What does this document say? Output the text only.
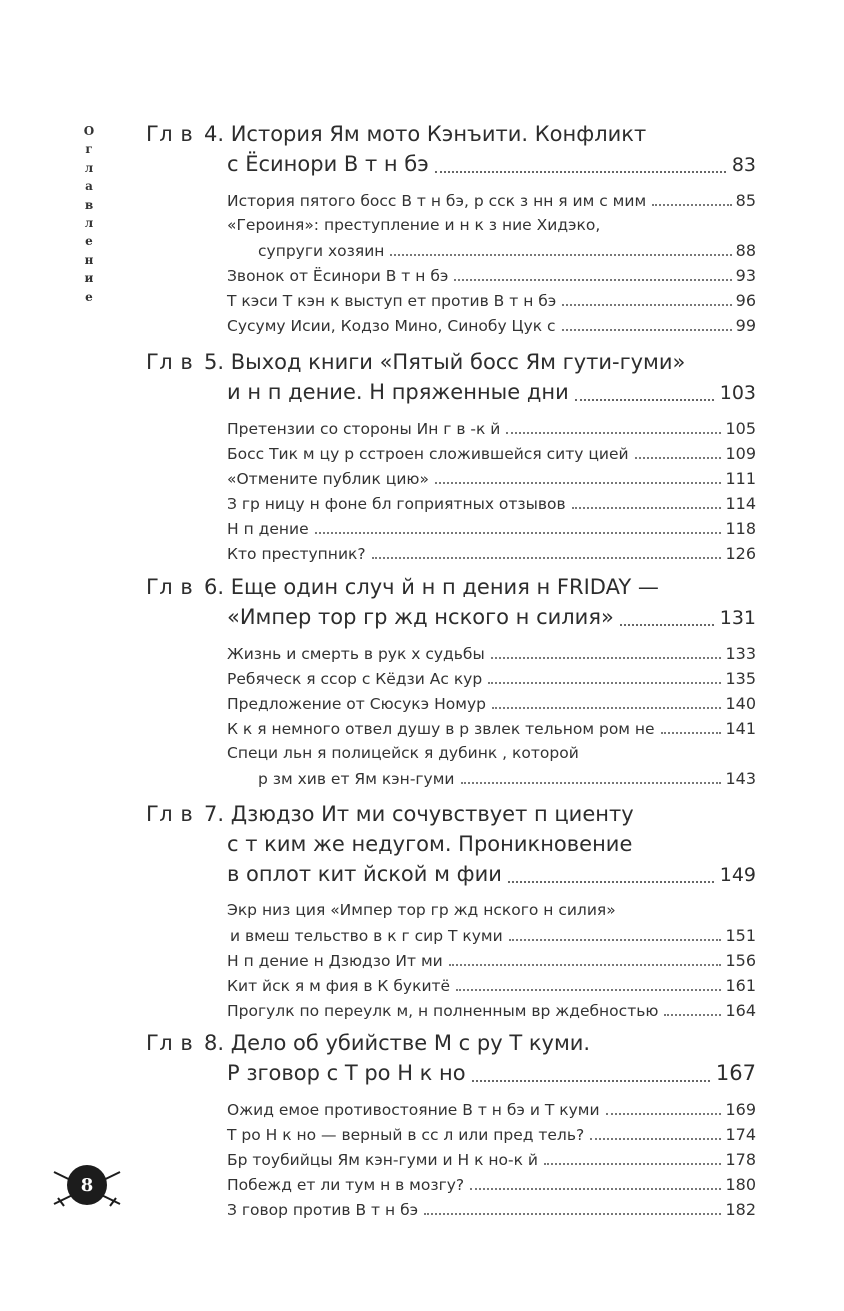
О
г
л
а
в
л
е
н
и
е
Гл в 4. История Ям мото Кэнъити. Конфликт
с Ёсинори В т н бэ	83
История пятого босс В т н бэ, р сск з нн я им с мим	85
«Героиня»: преступление и н к з ние Хидэко,
супруги хозяин	88
Звонок от Ёсинори В т н бэ	93
Т кэси Т кэн к выступ ет против В т н бэ	96
Сусуму Исии, Кодзо Мино, Синобу Цук с	99
Гл в 5. Выход книги «Пятый босс Ям гути-гуми»
и н п дение. Н пряженные дни	103
Претензии со стороны Ин г в -к й	105
Босс Тик м цу р сстроен сложившейся ситу цией	109
«Отмените публик цию»	111
З гр ницу н фоне бл гоприятных отзывов	114
Н п дение	118
Кто преступник?	126
Гл в 6. Еще один случ й н п дения н FRIDAY —
«Импер тор гр жд нского н силия»	131
Жизнь и смерть в рук х судьбы	133
Ребяческ я ссор с Кёдзи Ас кур	135
Предложение от Сюсукэ Номур	140
К к я немного отвел душу в р звлек тельном ром не	141
Специ льн я полицейск я дубинк , которой
р зм хив ет Ям кэн-гуми	143
Гл в 7. Дзюдзо Ит ми сочувствует п циенту
с т ким же недугом. Проникновение
в оплот кит йской м фии	149
Экр низ ция «Импер тор гр жд нского н силия»
и вмеш тельство в к г сир Т куми	151
Н п дение н Дзюдзо Ит ми	156
Кит йск я м фия в К букитё	161
Прогулк по переулк м, н полненным вр ждебностью	164
Гл в 8. Дело об убийстве М с ру Т куми.
Р зговор с Т ро Н к но	167
Ожид емое противостояние В т н бэ и Т куми	169
Т ро Н к но — верный в сс л или пред тель?	174
Бр тоубийцы Ям кэн-гуми и Н к но-к й	178
Побежд ет ли тум н в мозгу?	180
З говор против В т н бэ	182
8
